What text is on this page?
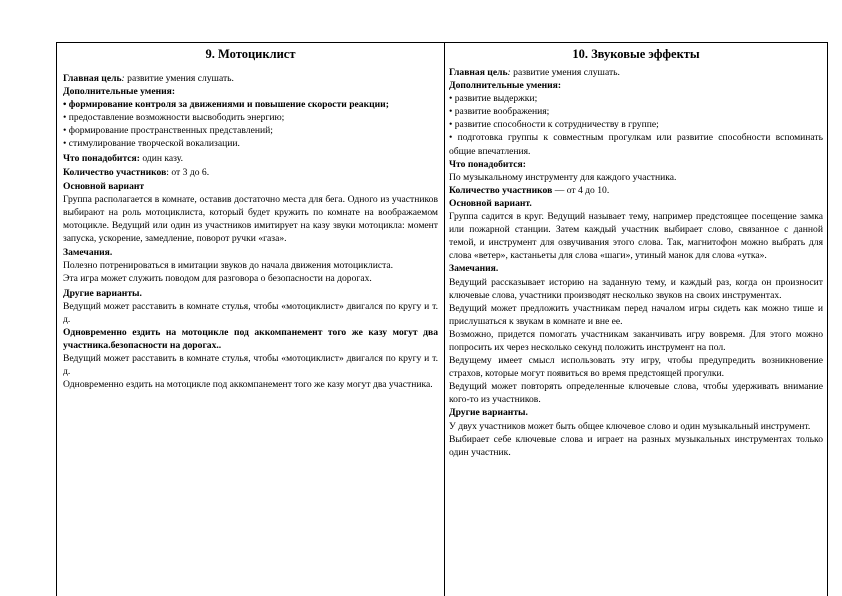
9. Мотоциклист

Главная цель: развитие умения слушать.

Дополнительные умения:

• формирование контроля за движениями и повышение скорости реакции;

• предоставление возможности высвободить энергию;

• формирование пространственных представлений;

• стимулирование творческой вокализации.

Что понадобится: один казу.

Количество участников: от 3 до 6.

Основной вариант

Группа располагается в комнате, оставив достаточно места для бега. Одного из участников выбирают на роль мотоциклиста, который будет кружить по комнате на воображаемом мотоцикле. Ведущий или один из участников имитирует на казу звуки мотоцикла: момент запуска, ускорение, замедление, поворот ручки «газа».

Замечания.

Полезно потренироваться в имитации звуков до начала движения мотоциклиста.

Эта игра может служить поводом для разговора о безопасности на дорогах.

Другие варианты.

Ведущий может расставить в комнате стулья, чтобы «мотоциклист» двигался по кругу и т. д.

Одновременно ездить на мотоцикле под аккомпанемент того же казу могут два участника.безопасности на дорогах..

Ведущий может расставить в комнате стулья, чтобы «мотоциклист» двигался по кругу и т. д.

Одновременно ездить на мотоцикле под аккомпанемент того же казу могут два участника.

10. Звуковые эффекты

Главная цель: развитие умения слушать.

Дополнительные умения:

• развитие выдержки;

• развитие воображения;

• развитие способности к сотрудничеству в группе;

• подготовка группы к совместным прогулкам или развитие способности вспоминать общие впечатления.

Что понадобится:

По музыкальному инструменту для каждого участника.

Количество участников — от 4 до 10.

Основной вариант.

Группа садится в круг. Ведущий называет тему, например предстоящее посещение замка или пожарной станции. Затем каждый участник выбирает слово, связанное с данной темой, и инструмент для озвучивания этого слова. Так, магнитофон можно выбрать для слова «ветер», кастаньеты для слова «шаги», утиный манок для слова «утка».

Замечания.

Ведущий рассказывает историю на заданную тему, и каждый раз, когда он произносит ключевые слова, участники производят несколько звуков на своих инструментах.

Ведущий может предложить участникам перед началом игры сидеть как можно тише и прислушаться к звукам в комнате и вне ее.

Возможно, придется помогать участникам заканчивать игру вовремя. Для этого можно попросить их через несколько секунд положить инструмент на пол.

Ведущему имеет смысл использовать эту игру, чтобы предупредить возникновение страхов, которые могут появиться во время предстоящей прогулки.

Ведущий может повторять определенные ключевые слова, чтобы удерживать внимание кого-то из участников.

Другие варианты.

У двух участников может быть общее ключевое слово и один музыкальный инструмент.

Выбирает себе ключевые слова и играет на разных музыкальных инструментах только один участник.
